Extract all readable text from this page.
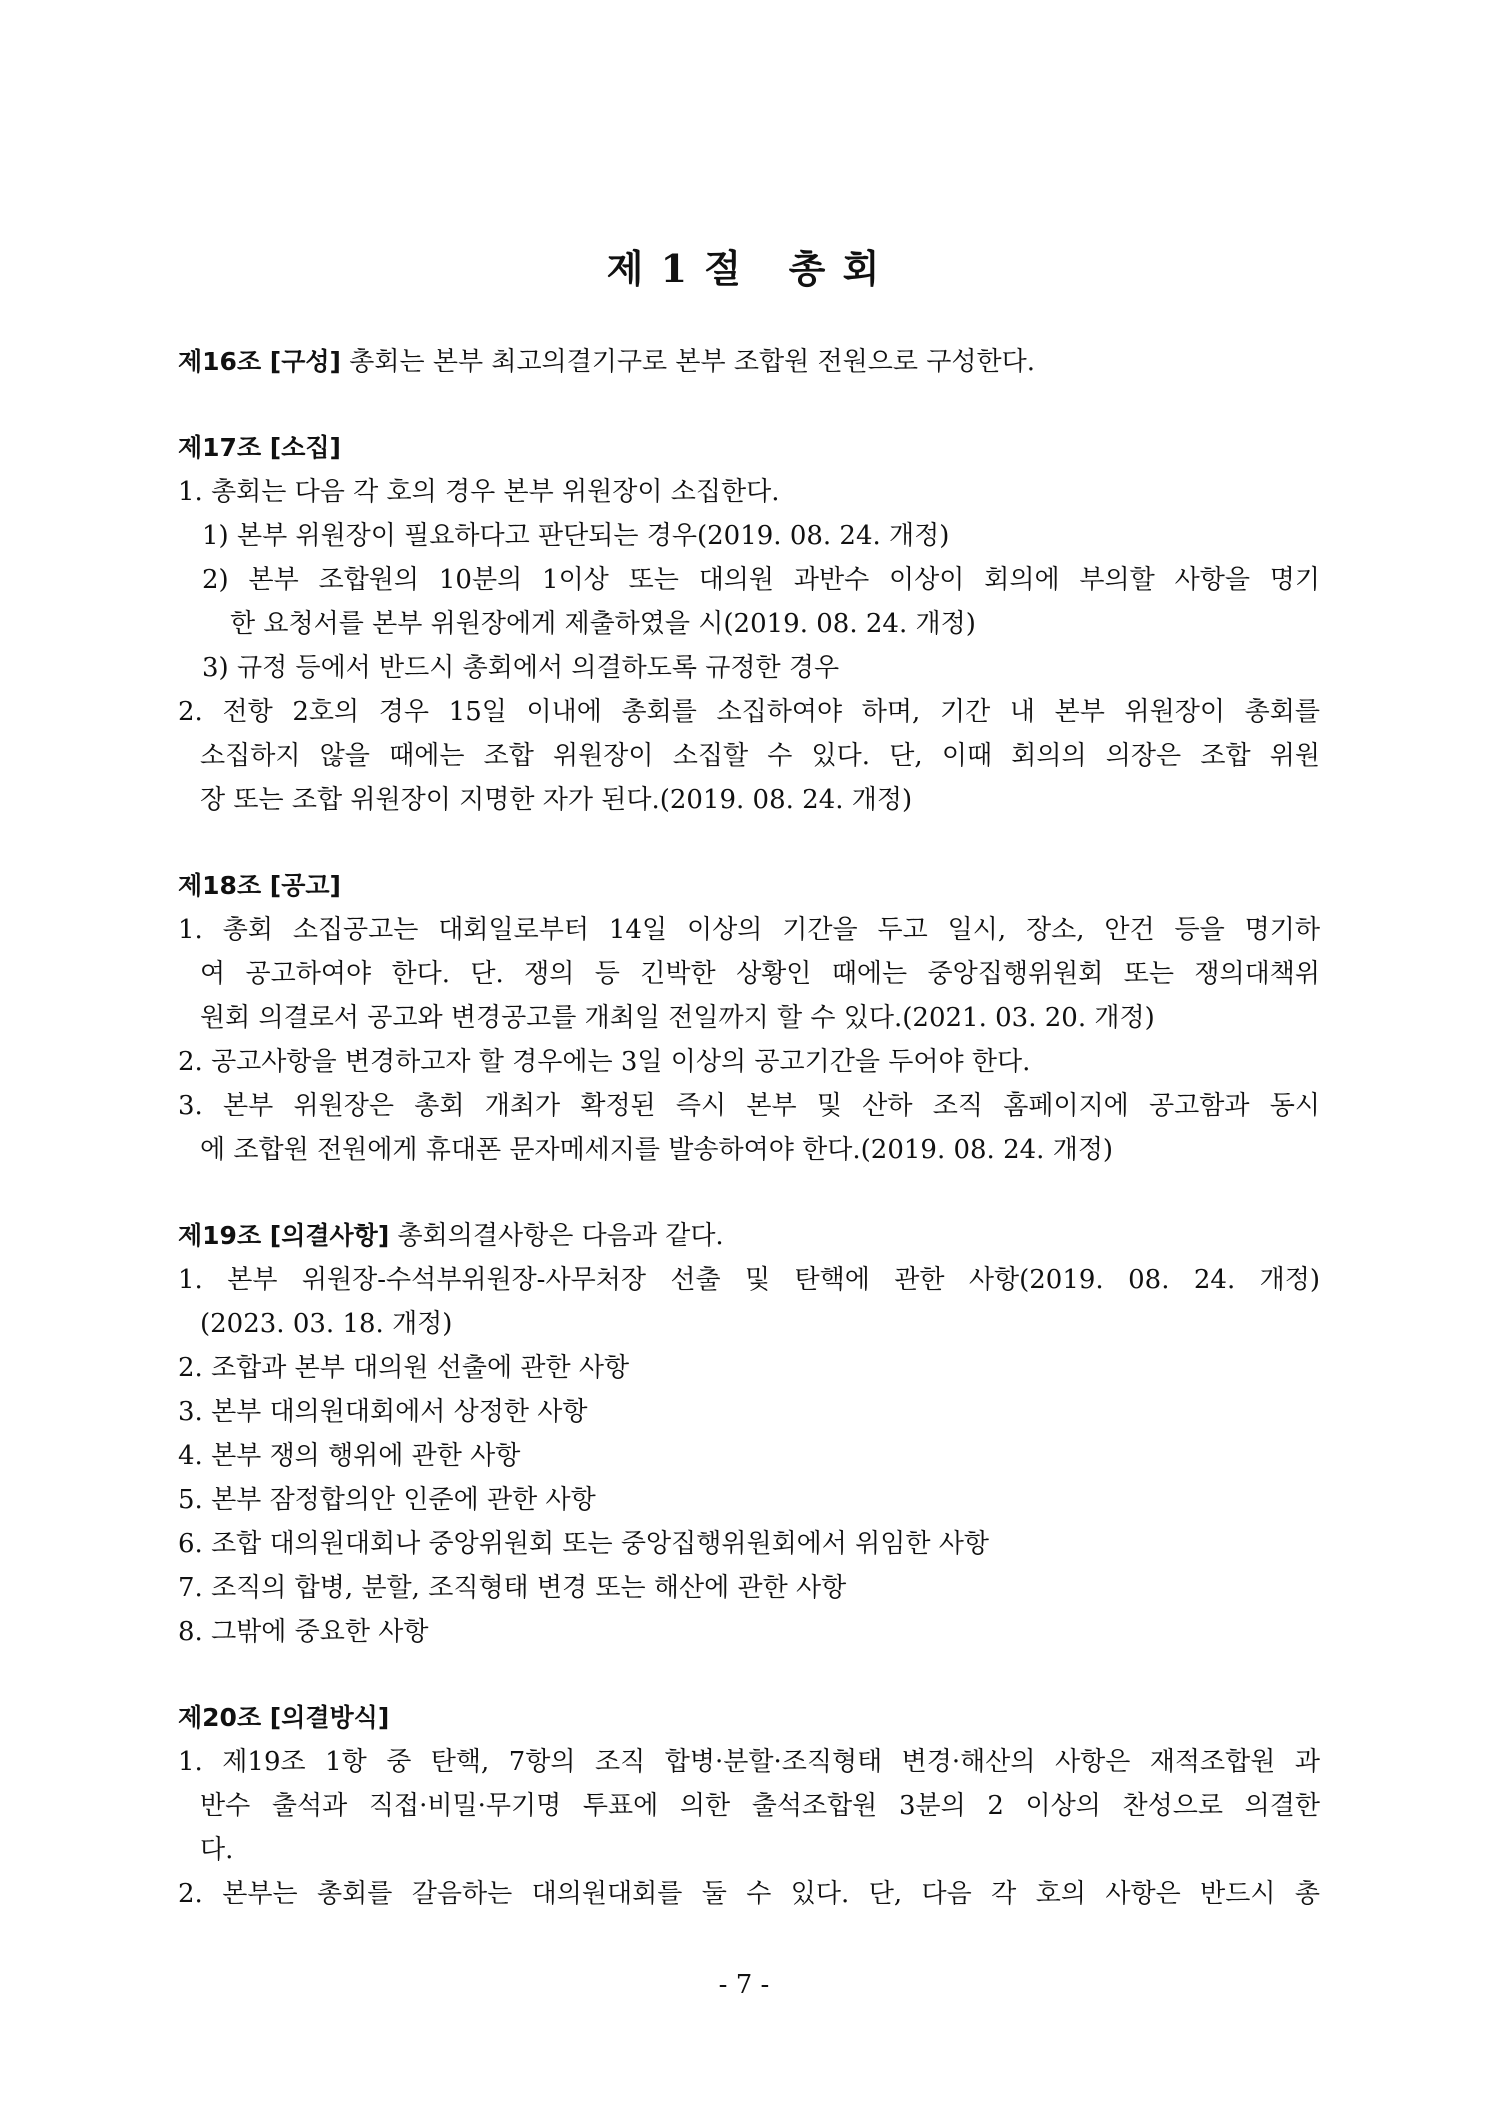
제 1 절   총 회
제16조 [구성] 총회는 본부 최고의결기구로 본부 조합원 전원으로 구성한다.
제17조 [소집]
1. 총회는 다음 각 호의 경우 본부 위원장이 소집한다.
1) 본부 위원장이 필요하다고 판단되는 경우(2019. 08. 24. 개정)
2) 본부 조합원의 10분의 1이상 또는 대의원 과반수 이상이 회의에 부의할 사항을 명기
한 요청서를 본부 위원장에게 제출하였을 시(2019. 08. 24. 개정)
3) 규정 등에서 반드시 총회에서 의결하도록 규정한 경우
2. 전항 2호의 경우 15일 이내에 총회를 소집하여야 하며, 기간 내 본부 위원장이 총회를
소집하지 않을 때에는 조합 위원장이 소집할 수 있다. 단, 이때 회의의 의장은 조합 위원
장 또는 조합 위원장이 지명한 자가 된다.(2019. 08. 24. 개정)
제18조 [공고]
1. 총회 소집공고는 대회일로부터 14일 이상의 기간을 두고 일시, 장소, 안건 등을 명기하
여 공고하여야 한다. 단. 쟁의 등 긴박한 상황인 때에는 중앙집행위원회 또는 쟁의대책위
원회 의결로서 공고와 변경공고를 개최일 전일까지 할 수 있다.(2021. 03. 20. 개정)
2. 공고사항을 변경하고자 할 경우에는 3일 이상의 공고기간을 두어야 한다.
3. 본부 위원장은 총회 개최가 확정된 즉시 본부 및 산하 조직 홈페이지에 공고함과 동시
에 조합원 전원에게 휴대폰 문자메세지를 발송하여야 한다.(2019. 08. 24. 개정)
제19조 [의결사항] 총회의결사항은 다음과 같다.
1. 본부 위원장-수석부위원장-사무처장 선출 및 탄핵에 관한 사항(2019. 08. 24. 개정)
(2023. 03. 18. 개정)
2. 조합과 본부 대의원 선출에 관한 사항
3. 본부 대의원대회에서 상정한 사항
4. 본부 쟁의 행위에 관한 사항
5. 본부 잠정합의안 인준에 관한 사항
6. 조합 대의원대회나 중앙위원회 또는 중앙집행위원회에서 위임한 사항
7. 조직의 합병, 분할, 조직형태 변경 또는 해산에 관한 사항
8. 그밖에 중요한 사항
제20조 [의결방식]
1. 제19조 1항 중 탄핵, 7항의 조직 합병·분할·조직형태 변경·해산의 사항은 재적조합원 과
반수 출석과 직접·비밀·무기명 투표에 의한 출석조합원 3분의 2 이상의 찬성으로 의결한
다.
2. 본부는 총회를 갈음하는 대의원대회를 둘 수 있다. 단, 다음 각 호의 사항은 반드시 총
- 7 -
